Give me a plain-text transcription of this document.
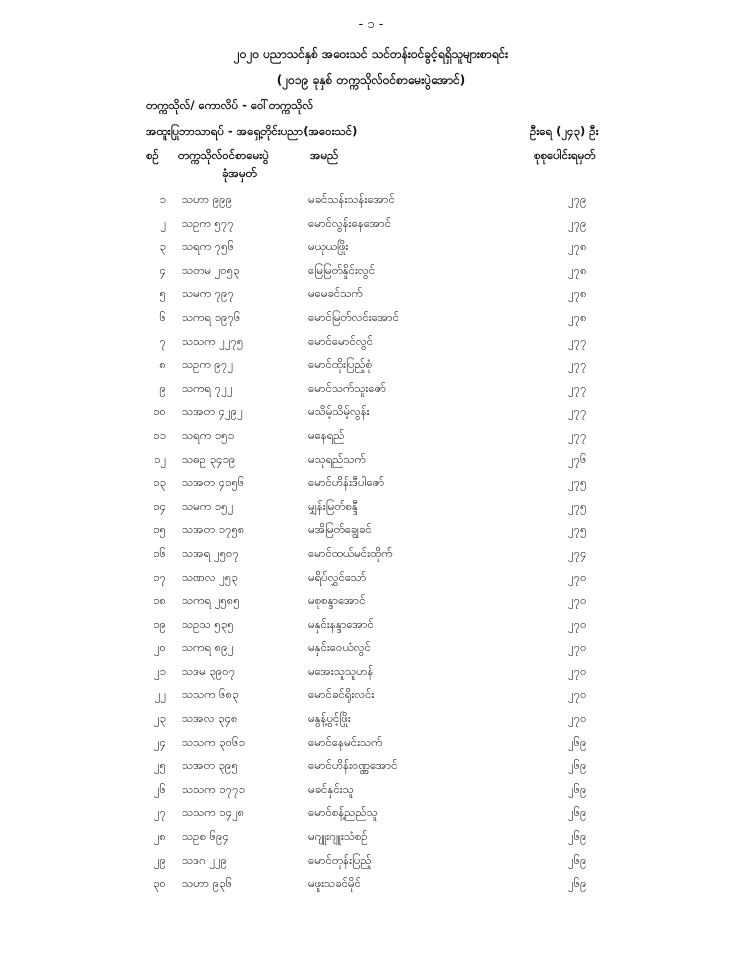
- ၁ -
၂၀၂၀ ပညာသင်နှစ် အဝေးသင် သင်တန်းဝင်ခွင့်ရရှိသူများစာရင်း
(၂၀၁၉ ခုနှစ် တက္ကသိုလ်ဝင်စာမေးပွဲအောင်)
တက္ကသိုလ်/ ကောလိပ် - ဝေါ်တက္ကသိုလ်
အထူးပြုဘာသာရပ် - အရှေ့တိုင်းပညာ(အဝေးသင်)	ဦးရေ (၂၄၃) ဦး
စဉ် တက္ကသိုလ်ဝင်စာမေးပွဲ
ခုံအမှတ်
အမည်	စုစုပေါင်းရမှတ်
၁ သဟာ ၉၉၉	မခင်သန်းသန်းအောင်	၂၇၉
၂ သဥက ၅၇၇	မောင်လွန်းနေအောင်	၂၇၉
၃ သရက ၇၅၆	မယုယဖြိုး	၂၇၈
၄ သတမ ၂၀၅၃	မြေမြတ်နှိုင်းလွင်	၂၇၈
၅ သမက ၇၉၇	မမေခင်သက်	၂၇၈
၆ သကရ ၁၉၇၆	မောင်မြတ်လင်းအောင်	၂၇၈
၇ သသက ၂၂၇၅	မောင်မောင်လွင်	၂၇၇
၈ သဥက ၉၇၂	မောင်ထိုးပြည့်စုံ	၂၇၇
၉ သကရ ၇၂၂	မောင်သက်သူးဇော်	၂၇၇
၁၀ သအတ ၄၂၉၂	မသိမ့်သိမ့်လွန်း	၂၇၇
၁၁ သရက ၁၅၁	မနေရည်	၂၇၇
၁၂ သဓဥ ၃၄၁၉	မသုရည်သက်	၂၇၆
၁၃ သအတ ၄၁၅၆	မောင်ဟိန်းဒီပါဇော်	၂၇၅
၁၄ သမက ၁၅၂	မျှန်းမြတ်စန္ဒီ	၂၇၅
၁၅ သအတ ၁၇၅၈	မအိမြတ်ချွေခင်	၂၇၅
၁၆ သအရ ၂၅၀၇	မောင်ထယ်မင်းထိုက်	၂၇၄
၁၇ သဏလ ၂၅၃	မရိပ်လွှင်သော်	၂၇၀
၁၈ သကရ ၂၅၈၅	မစုစန္ဒာအောင်	၂၇၀
၁၉ သဥသ ၅၃၅	မနှင်းနန္ဒာအောင်	၂၇၀
၂၀ သကရ ၈၉၂	မနှင်းဝေယံလွင်	၂၇၀
၂၁ သဒမ ၃၉၀၇	မအေးသူသူဟန်	၂၇၀
၂၂ သသက ၆၈၃	မောင်ခင်ရိုးလင်း	၂၇၀
၂၃ သအလ ၃၄၈	မနွန့်ပွင့်ဖြိုး	၂၇၀
၂၄ သသက ၃၀၆၁	မောင်နေမင်းသက်	၂၆၉
၂၅ သအတ ၃၉၅	မောင်ဟိန်းဝဏ္ဏအောင်	၂၆၉
၂၆ သသက ၁၇၇၁	မခင်နှင်းသူ	၂၆၉
၂၇ သသက ၁၄၂၈	မောင်စန့်ညည်သူ	၂၆၉
၂၈ သဥစ ၆၉၄	မဂျူးဂျူးသံစဉ်	၂၆၉
၂၉ သဒဂ ၂၂၉	မောင်တုန်းပြည့်	၂၆၉
၃၀ သဟာ ၉၃၆	မဖူးသခင်မိုင်	၂၆၉
